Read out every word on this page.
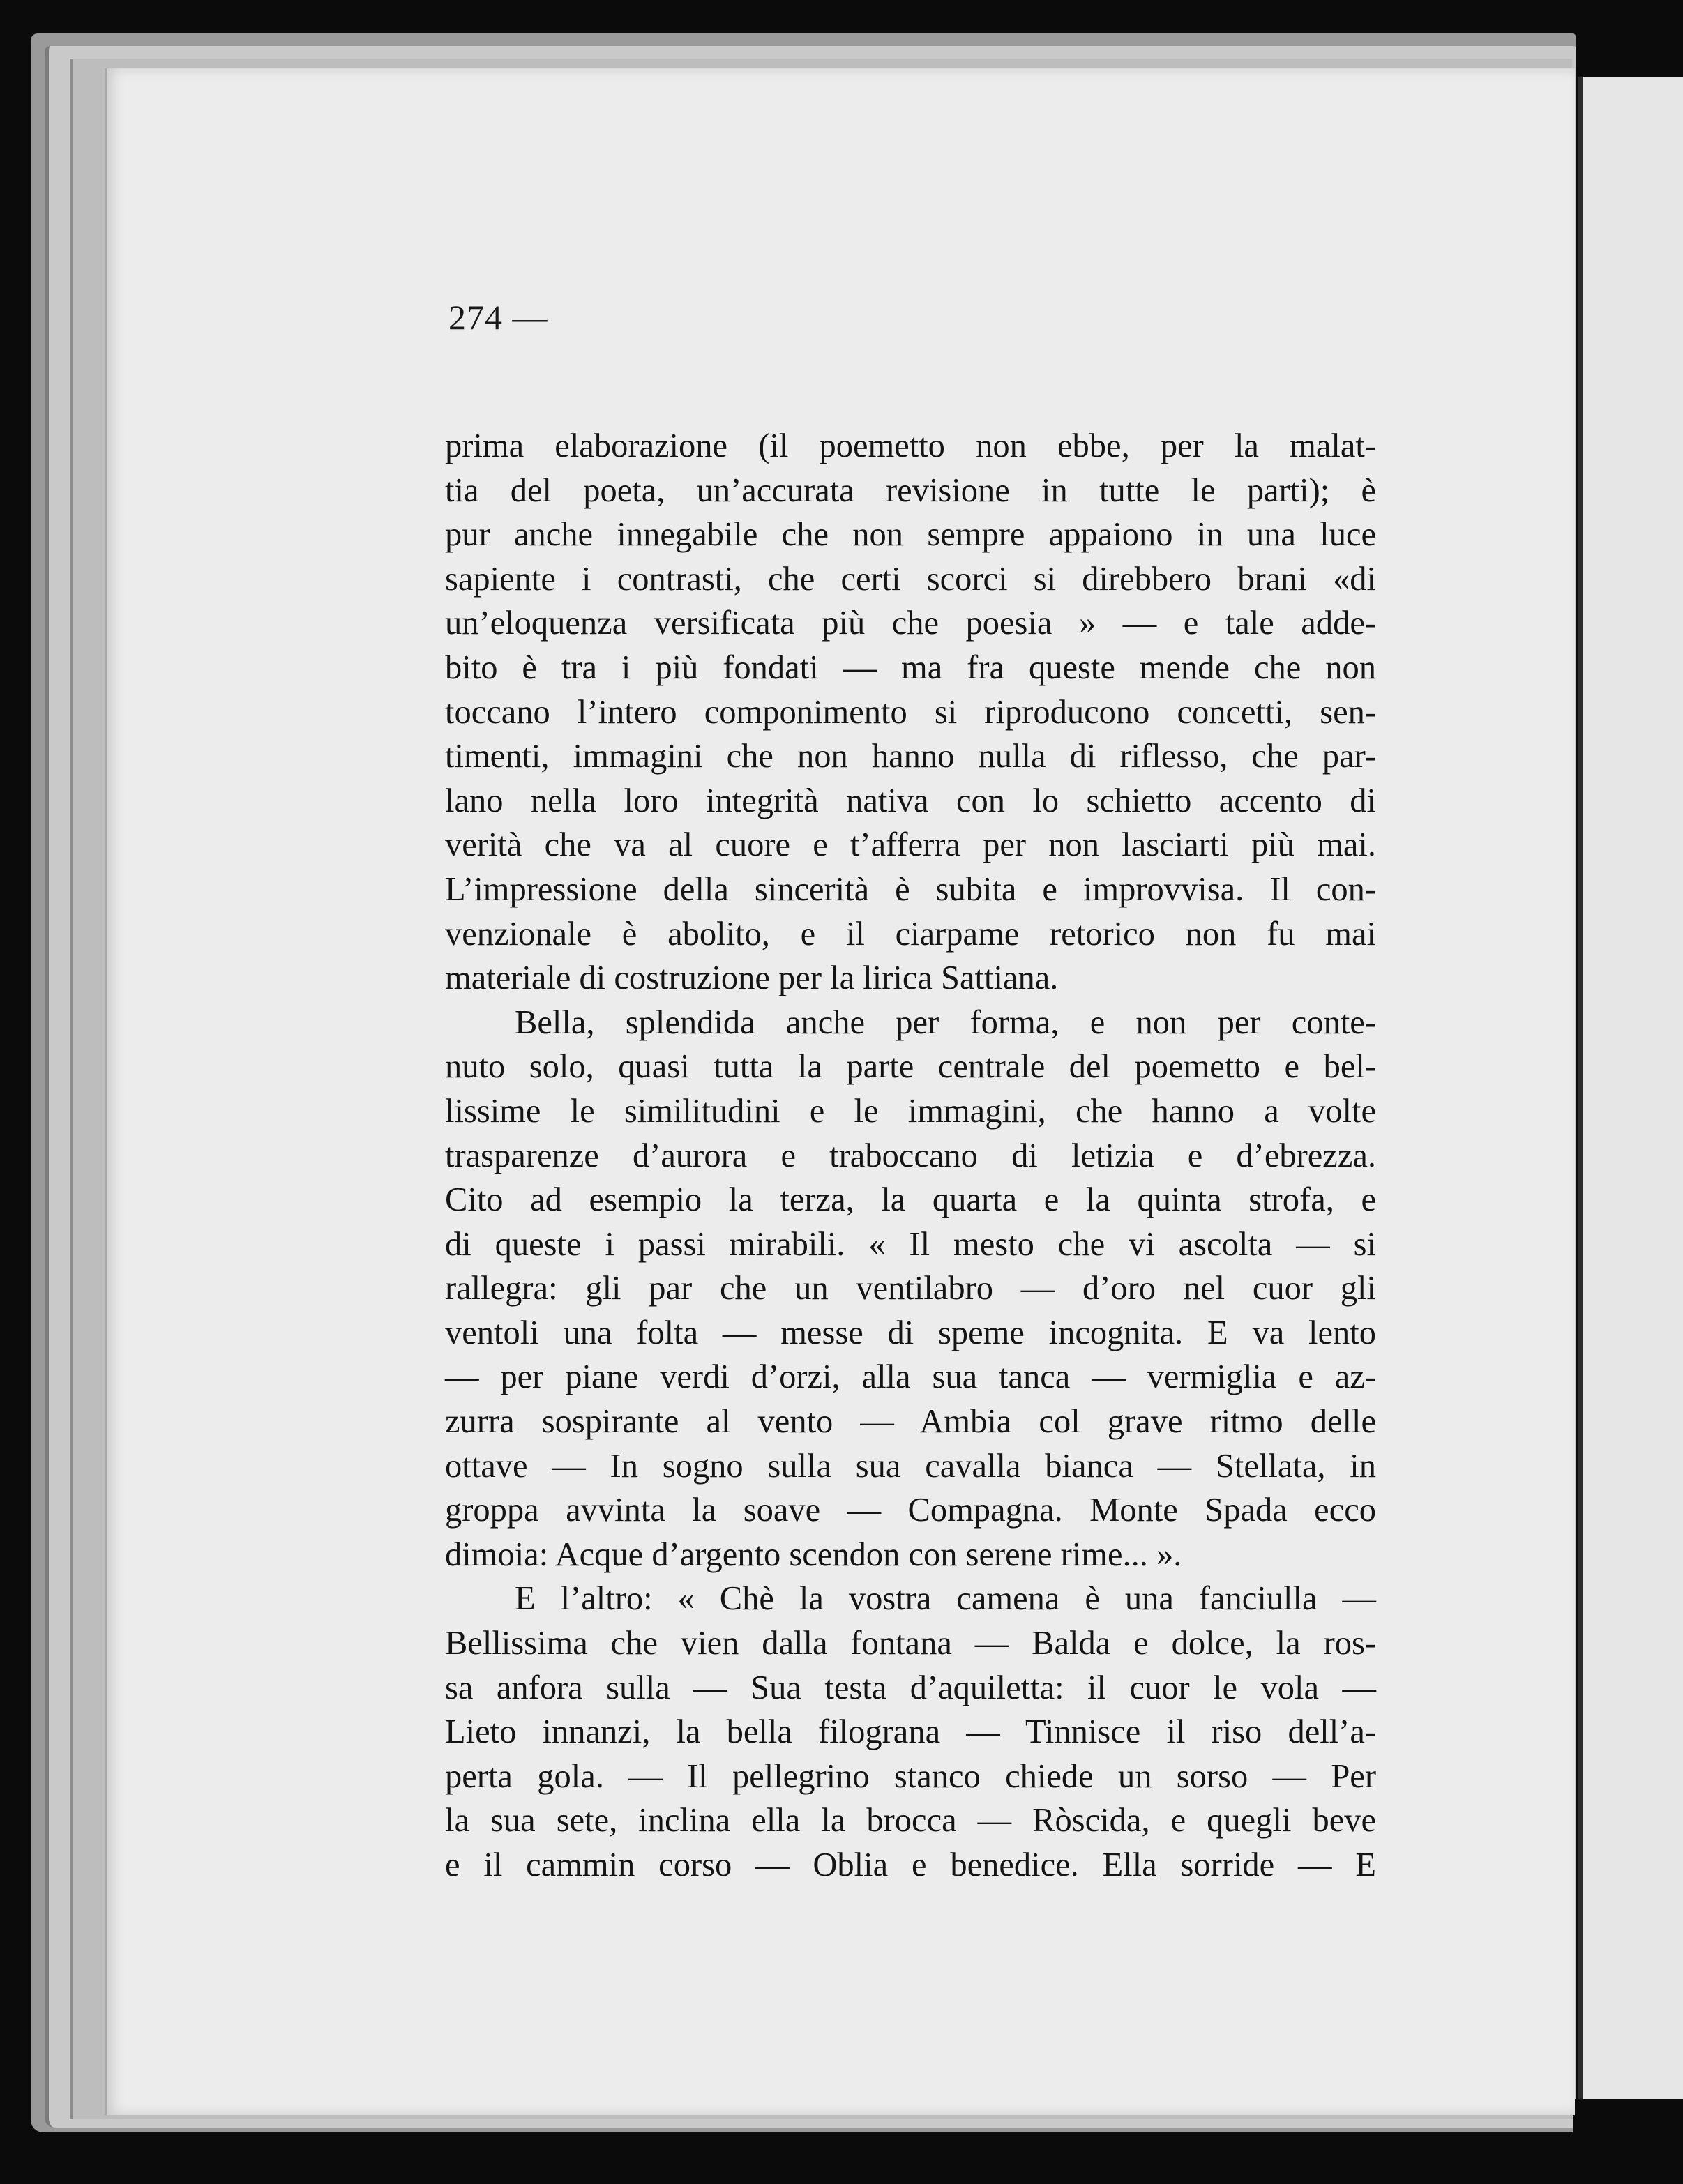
274 —
prima elaborazione (il poemetto non ebbe, per la malat-
tia del poeta, un’accurata revisione in tutte le parti); è
pur anche innegabile che non sempre appaiono in una luce
sapiente i contrasti, che certi scorci si direbbero brani «di
un’eloquenza versificata più che poesia » — e tale adde-
bito è tra i più fondati — ma fra queste mende che non
toccano l’intero componimento si riproducono concetti, sen-
timenti, immagini che non hanno nulla di riflesso, che par-
lano nella loro integrità nativa con lo schietto accento di
verità che va al cuore e t’afferra per non lasciarti più mai.
L’impressione della sincerità è subita e improvvisa. Il con-
venzionale è abolito, e il ciarpame retorico non fu mai
materiale di costruzione per la lirica Sattiana.
Bella, splendida anche per forma, e non per conte-
nuto solo, quasi tutta la parte centrale del poemetto e bel-
lissime le similitudini e le immagini, che hanno a volte
trasparenze d’aurora e traboccano di letizia e d’ebrezza.
Cito ad esempio la terza, la quarta e la quinta strofa, e
di queste i passi mirabili. « Il mesto che vi ascolta — si
rallegra: gli par che un ventilabro — d’oro nel cuor gli
ventoli una folta — messe di speme incognita. E va lento
— per piane verdi d’orzi, alla sua tanca — vermiglia e az-
zurra sospirante al vento — Ambia col grave ritmo delle
ottave — In sogno sulla sua cavalla bianca — Stellata, in
groppa avvinta la soave — Compagna. Monte Spada ecco
dimoia: Acque d’argento scendon con serene rime... ».
E l’altro: « Chè la vostra camena è una fanciulla —
Bellissima che vien dalla fontana — Balda e dolce, la ros-
sa anfora sulla — Sua testa d’aquiletta: il cuor le vola —
Lieto innanzi, la bella filograna — Tinnisce il riso dell’a-
perta gola. — Il pellegrino stanco chiede un sorso — Per
la sua sete, inclina ella la brocca — Ròscida, e quegli beve
e il cammin corso — Oblia e benedice. Ella sorride — E
